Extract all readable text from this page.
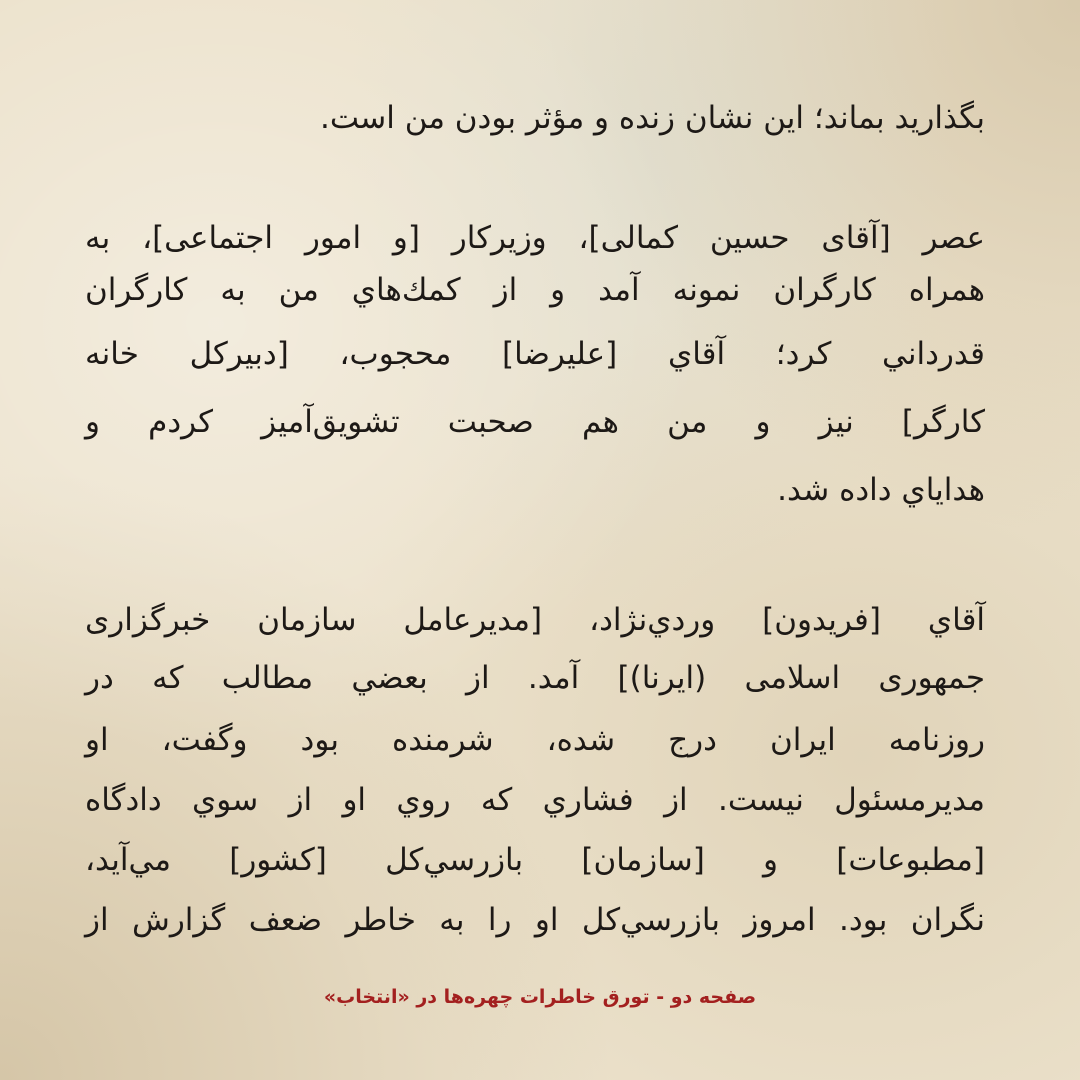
بگذارید بماند؛ این نشان زنده و مؤثر بودن من است.
عصر [آقای حسین کمالی]، وزیرکار [و امور اجتماعی]، به
همراه کارگران نمونه آمد و از کمك‌هاي من به کارگران
قدرداني کرد؛ آقاي [عليرضا] محجوب، [دبيرکل خانه
کارگر] نیز و من هم صحبت تشويق‌آميز کردم و
هداياي داده شد.
آقاي [فريدون] وردي‌نژاد، [مديرعامل سازمان خبرگزاری
جمهوری اسلامی (ايرنا)] آمد. از بعضي مطالب که در
روزنامه ايران درج شده، شرمنده بود وگفت، او
مديرمسئول نيست. از فشاري که روي او از سوي دادگاه
[مطبوعات] و [سازمان] بازرسي‌کل [کشور] مي‌آيد،
نگران بود. امروز بازرسي‌کل او را به خاطر ضعف گزارش از
صفحه دو - تورق خاطرات چهره‌ها در «انتخاب»
